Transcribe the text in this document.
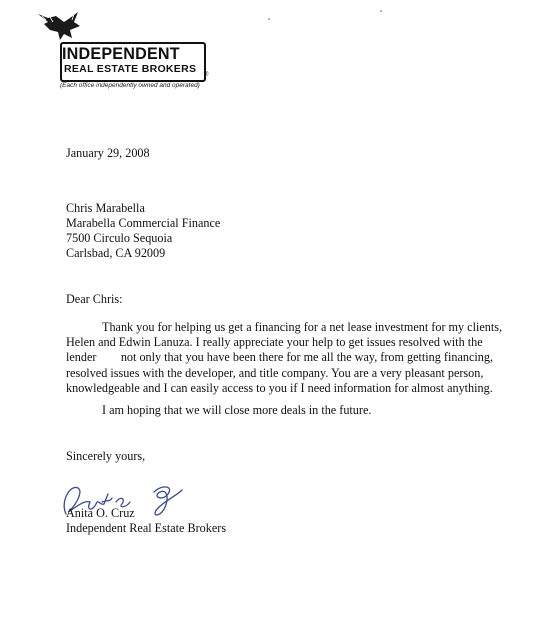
INDEPENDENT
REAL ESTATE BROKERS ®
(Each office independently owned and operated)
January 29, 2008
Chris Marabella
Marabella Commercial Finance
7500 Circulo Sequoia
Carlsbad, CA 92009
Dear Chris:
Thank you for helping us get a financing for a net lease investment for my clients,
Helen and Edwin Lanuza. I really appreciate your help to get issues resolved with the
lender        not only that you have been there for me all the way, from getting financing,
resolved issues with the developer, and title company. You are a very pleasant person,
knowledgeable and I can easily access to you if I need information for almost anything.
I am hoping that we will close more deals in the future.
Sincerely yours,
Anita O. Cruz
Independent Real Estate Brokers
